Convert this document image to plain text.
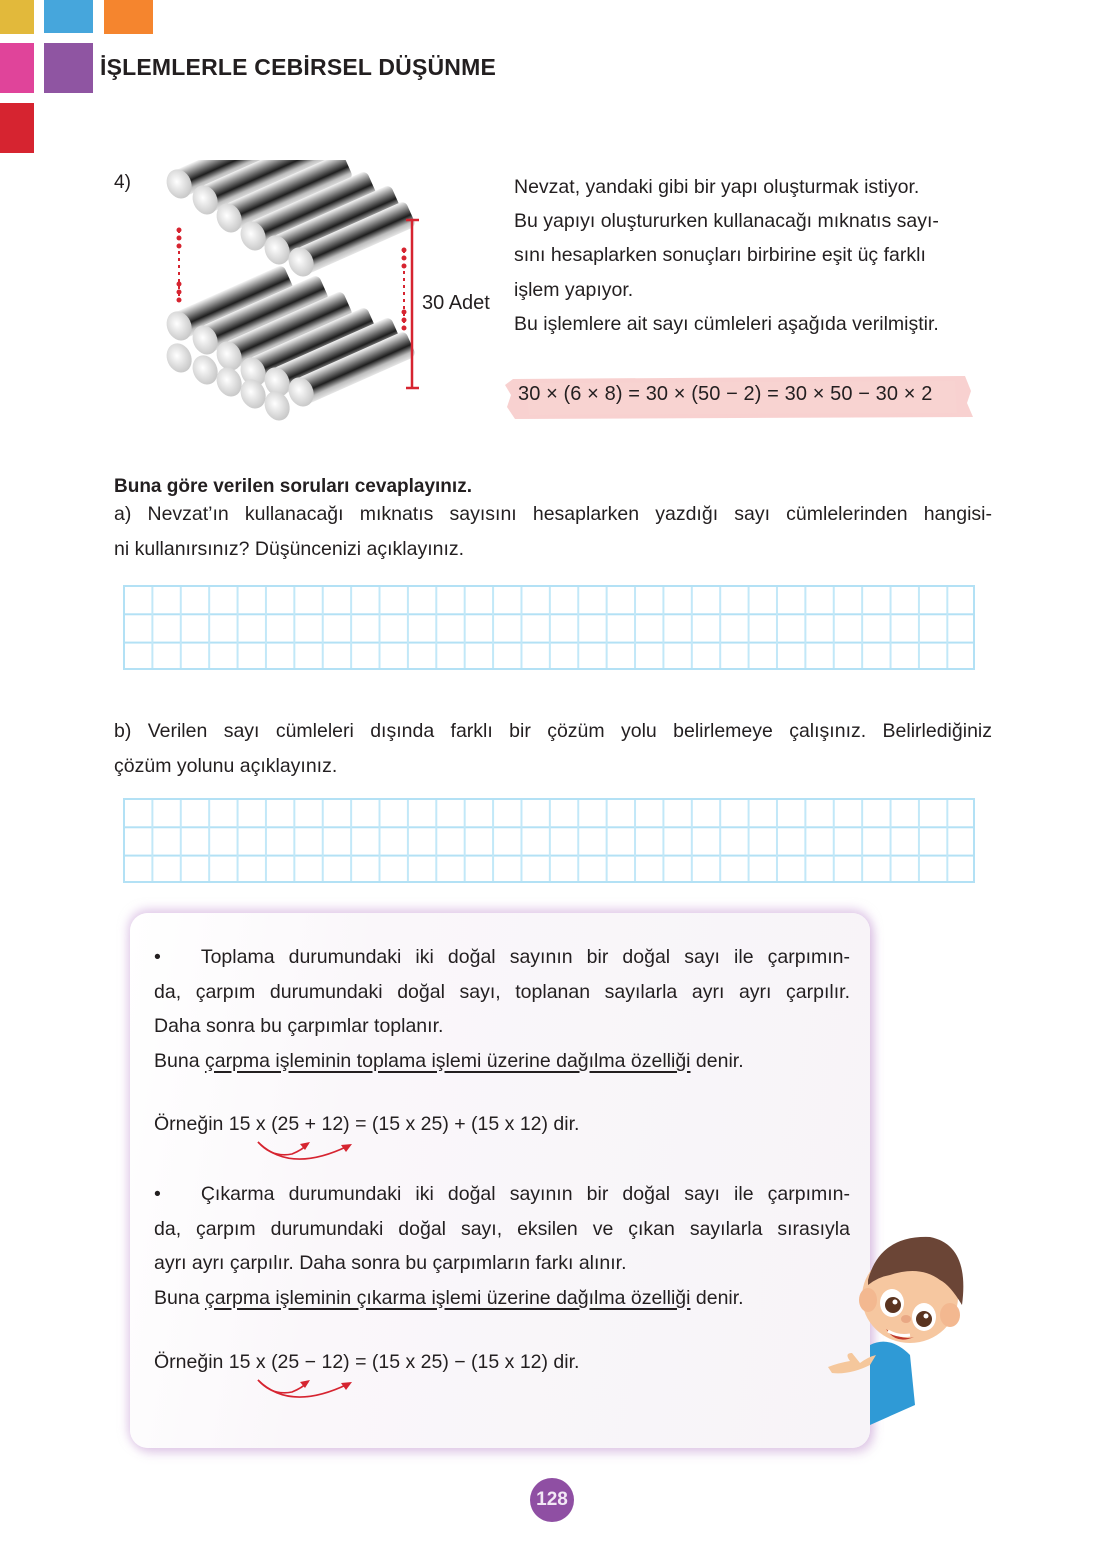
İŞLEMLERLE CEBİRSEL DÜŞÜNME
4)
30 Adet

Nevzat, yandaki gibi bir yapı oluşturmak istiyor.

Bu yapıyı oluştururken kullanacağı mıknatıs sayı-

sını hesaplarken sonuçları birbirine eşit üç farklı

işlem yapıyor.

Bu işlemlere ait sayı cümleleri aşağıda verilmiştir.

30 × (6 × 8) = 30 × (50 − 2) = 30 × 50 − 30 × 2
Buna göre verilen soruları cevaplayınız.
a) Nevzat’ın kullanacağı mıknatıs sayısını hesaplarken yazdığı sayı cümlelerinden hangisi-
ni kullanırsınız? Düşüncenizi açıklayınız.
b) Verilen sayı cümleleri dışında farklı bir çözüm yolu belirlemeye çalışınız. Belirlediğiniz
çözüm yolunu açıklayınız.

• Toplama durumundaki iki doğal sayının bir doğal sayı ile çarpımın-

da, çarpım durumundaki doğal sayı, toplanan sayılarla ayrı ayrı çarpılır.

Daha sonra bu çarpımlar toplanır.

Buna çarpma işleminin toplama işlemi üzerine dağılma özelliği denir.

Örneğin 15 x (25 + 12) = (15 x 25) + (15 x 12) dir.

• Çıkarma durumundaki iki doğal sayının bir doğal sayı ile çarpımın-

da, çarpım durumundaki doğal sayı, eksilen ve çıkan sayılarla sırasıyla

ayrı ayrı çarpılır. Daha sonra bu çarpımların farkı alınır.

Buna çarpma işleminin çıkarma işlemi üzerine dağılma özelliği denir.

Örneğin 15 x (25 − 12) = (15 x 25) − (15 x 12) dir.
128
